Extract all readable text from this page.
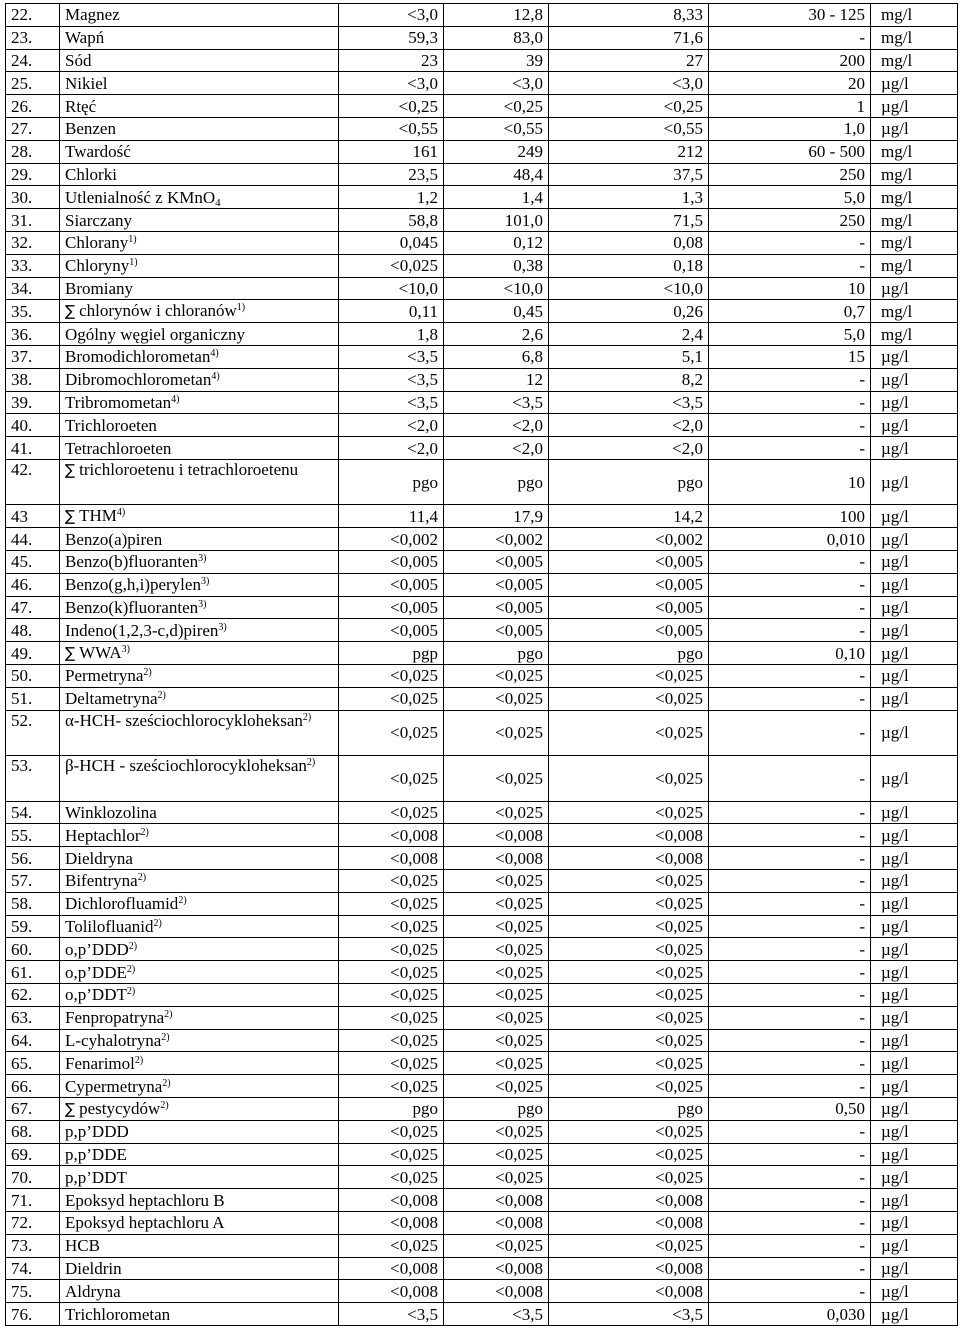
22.	Magnez	<3,0	12,8	8,33	30 - 125	mg/l
23.	Wapń	59,3	83,0	71,6	-	mg/l
24.	Sód	23	39	27	200	mg/l
25.	Nikiel	<3,0	<3,0	<3,0	20	µg/l
26.	Rtęć	<0,25	<0,25	<0,25	1	µg/l
27.	Benzen	<0,55	<0,55	<0,55	1,0	µg/l
28.	Twardość	161	249	212	60 - 500	mg/l
29.	Chlorki	23,5	48,4	37,5	250	mg/l
30.	Utlenialność z KMnO$_4$	1,2	1,4	1,3	5,0	mg/l
31.	Siarczany	58,8	101,0	71,5	250	mg/l
32.	Chlorany$^{1)}$	0,045	0,12	0,08	-	mg/l
33.	Chloryny$^{1)}$	<0,025	0,38	0,18	-	mg/l
34.	Bromiany	<10,0	<10,0	<10,0	10	µg/l
35.	∑ chlorynów i chloranów$^{1)}$	0,11	0,45	0,26	0,7	mg/l
36.	Ogólny węgiel organiczny	1,8	2,6	2,4	5,0	mg/l
37.	Bromodichlorometan$^{4)}$	<3,5	6,8	5,1	15	µg/l
38.	Dibromochlorometan$^{4)}$	<3,5	12	8,2	-	µg/l
39.	Tribromometan$^{4)}$	<3,5	<3,5	<3,5	-	µg/l
40.	Trichloroeten	<2,0	<2,0	<2,0	-	µg/l
41.	Tetrachloroeten	<2,0	<2,0	<2,0	-	µg/l
42.	∑ trichloroetenu i tetrachloroetenu	pgo	pgo	pgo	10	µg/l
43	∑ THM$^{4)}$	11,4	17,9	14,2	100	µg/l
44.	Benzo(a)piren	<0,002	<0,002	<0,002	0,010	µg/l
45.	Benzo(b)fluoranten$^{3)}$	<0,005	<0,005	<0,005	-	µg/l
46.	Benzo(g,h,i)perylen$^{3)}$	<0,005	<0,005	<0,005	-	µg/l
47.	Benzo(k)fluoranten$^{3)}$	<0,005	<0,005	<0,005	-	µg/l
48.	Indeno(1,2,3-c,d)piren$^{3)}$	<0,005	<0,005	<0,005	-	µg/l
49.	∑ WWA$^{3)}$	pgp	pgo	pgo	0,10	µg/l
50.	Permetryna$^{2)}$	<0,025	<0,025	<0,025	-	µg/l
51.	Deltametryna$^{2)}$	<0,025	<0,025	<0,025	-	µg/l
52.	α-HCH- sześciochlorocykloheksan$^{2)}$	<0,025	<0,025	<0,025	-	µg/l
53.	β-HCH - sześciochlorocykloheksan$^{2)}$	<0,025	<0,025	<0,025	-	µg/l
54.	Winklozolina	<0,025	<0,025	<0,025	-	µg/l
55.	Heptachlor$^{2)}$	<0,008	<0,008	<0,008	-	µg/l
56.	Dieldryna	<0,008	<0,008	<0,008	-	µg/l
57.	Bifentryna$^{2)}$	<0,025	<0,025	<0,025	-	µg/l
58.	Dichlorofluamid$^{2)}$	<0,025	<0,025	<0,025	-	µg/l
59.	Tolilofluanid$^{2)}$	<0,025	<0,025	<0,025	-	µg/l
60.	$o,p’DDD^{2)}$	<0,025	<0,025	<0,025	-	µg/l
61.	$o,p’DDE^{2)}$	<0,025	<0,025	<0,025	-	µg/l
62.	$o,p’DDT^{2)}$	<0,025	<0,025	<0,025	-	µg/l
63.	Fenpropatryna$^{2)}$	<0,025	<0,025	<0,025	-	µg/l
64.	L-cyhalotryna$^{2)}$	<0,025	<0,025	<0,025	-	µg/l
65.	Fenarimol$^{2)}$	<0,025	<0,025	<0,025	-	µg/l
66.	Cypermetryna$^{2)}$	<0,025	<0,025	<0,025	-	µg/l
67.	∑ pestycydów$^{2)}$	pgo	pgo	pgo	0,50	µg/l
68.	p,p’DDD	<0,025	<0,025	<0,025	-	µg/l
69.	p,p’DDE	<0,025	<0,025	<0,025	-	µg/l
70.	p,p’DDT	<0,025	<0,025	<0,025	-	µg/l
71.	Epoksyd heptachloru B	<0,008	<0,008	<0,008	-	µg/l
72.	Epoksyd heptachloru A	<0,008	<0,008	<0,008	-	µg/l
73.	HCB	<0,025	<0,025	<0,025	-	µg/l
74.	Dieldrin	<0,008	<0,008	<0,008	-	µg/l
75.	Aldryna	<0,008	<0,008	<0,008	-	µg/l
76.	Trichlorometan	<3,5	<3,5	<3,5	0,030	µg/l
